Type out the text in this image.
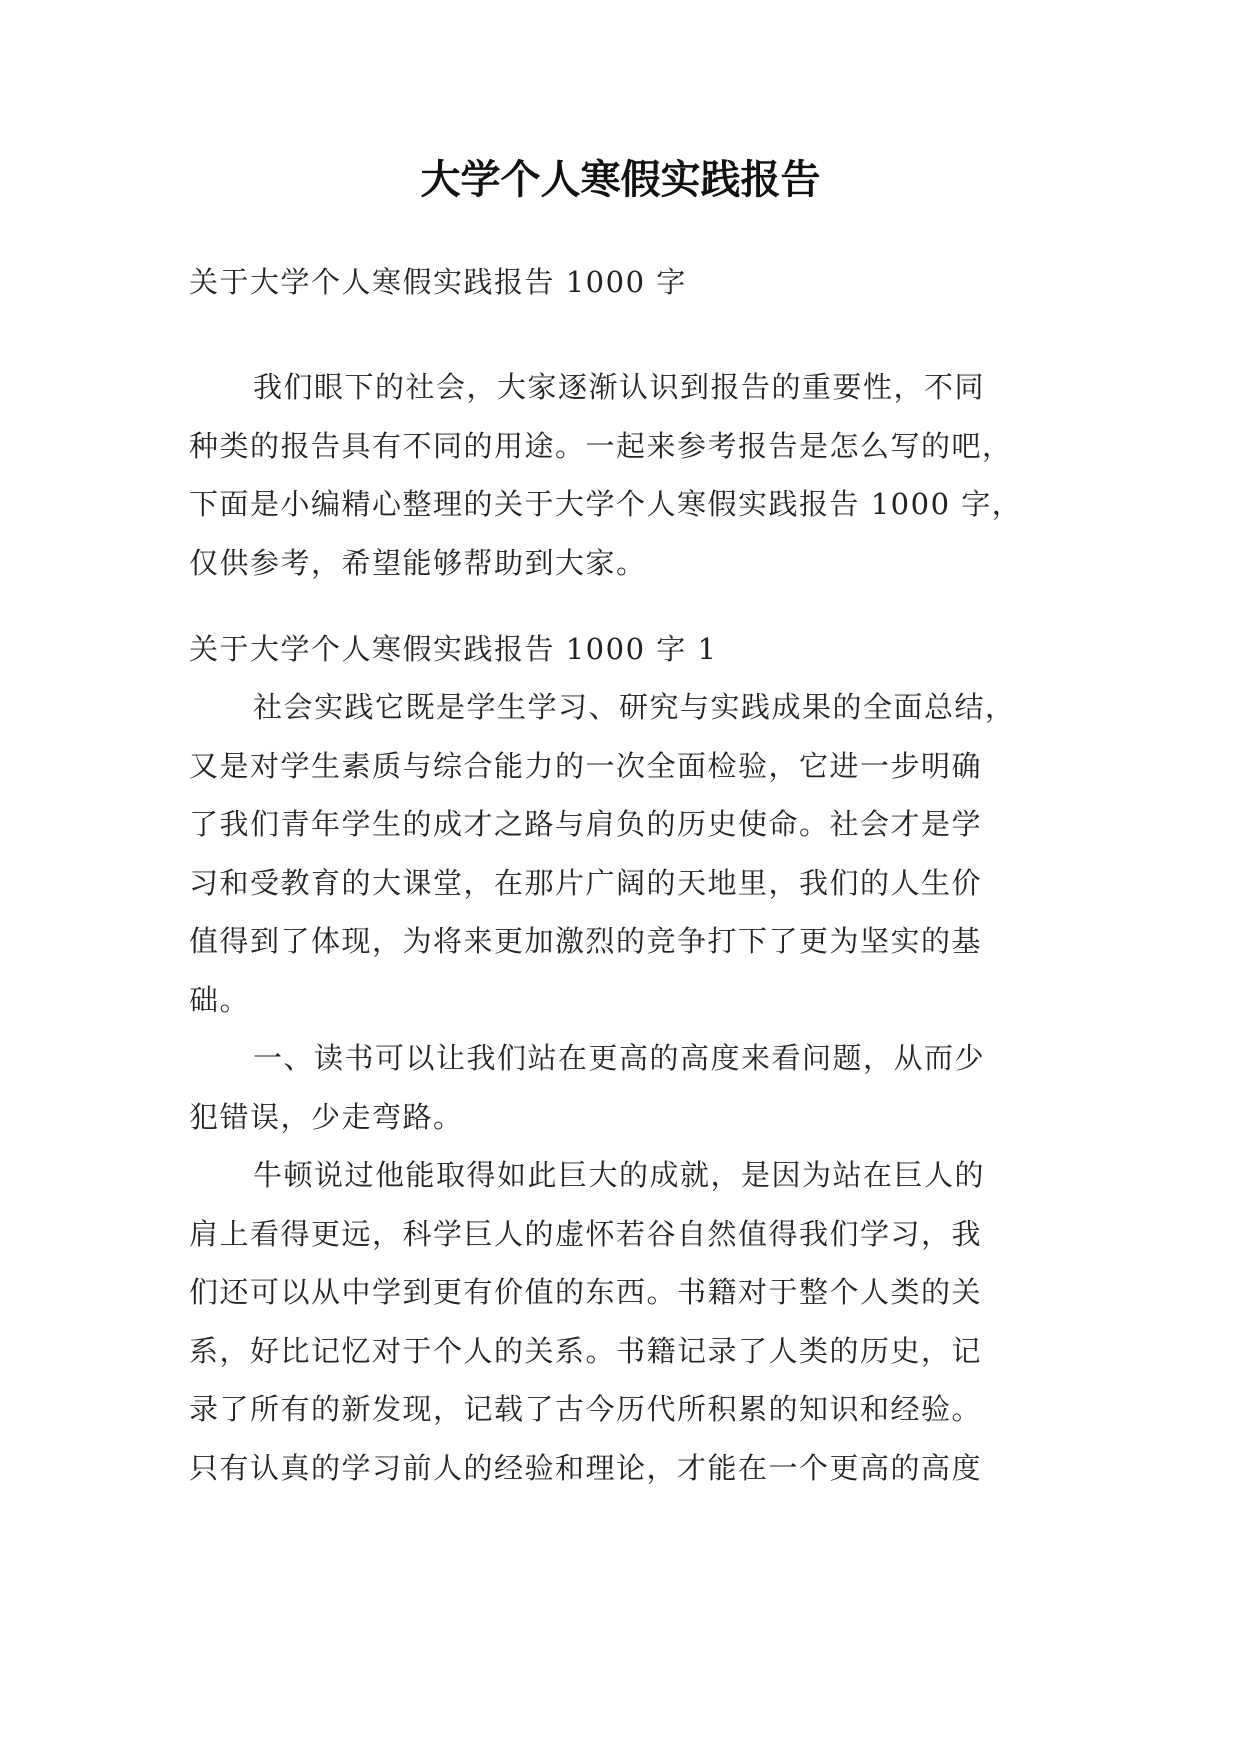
大学个人寒假实践报告
关于大学个人寒假实践报告 1000 字
我们眼下的社会，大家逐渐认识到报告的重要性，不同
种类的报告具有不同的用途。一起来参考报告是怎么写的吧，
下面是小编精心整理的关于大学个人寒假实践报告 1000 字，
仅供参考，希望能够帮助到大家。
关于大学个人寒假实践报告 1000 字 1
社会实践它既是学生学习、研究与实践成果的全面总结，
又是对学生素质与综合能力的一次全面检验，它进一步明确
了我们青年学生的成才之路与肩负的历史使命。社会才是学
习和受教育的大课堂，在那片广阔的天地里，我们的人生价
值得到了体现，为将来更加激烈的竞争打下了更为坚实的基
础。
一、读书可以让我们站在更高的高度来看问题，从而少
犯错误，少走弯路。
牛顿说过他能取得如此巨大的成就，是因为站在巨人的
肩上看得更远，科学巨人的虚怀若谷自然值得我们学习，我
们还可以从中学到更有价值的东西。书籍对于整个人类的关
系，好比记忆对于个人的关系。书籍记录了人类的历史，记
录了所有的新发现，记载了古今历代所积累的知识和经验。
只有认真的学习前人的经验和理论，才能在一个更高的高度
